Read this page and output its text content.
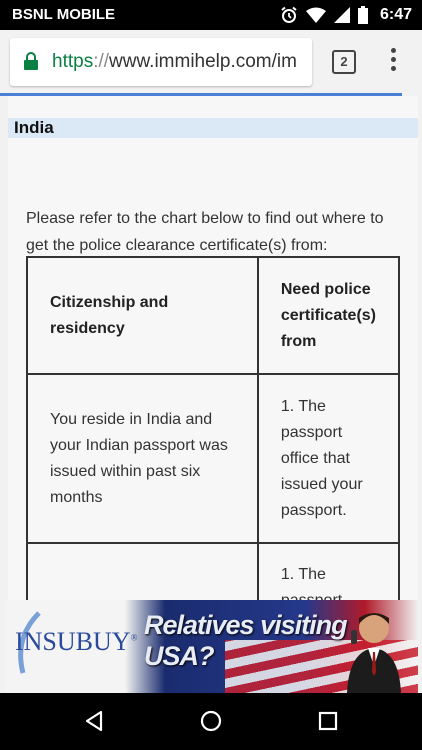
BSNL MOBILE	6:47
https://www.immihelp.com/im	2
India
Please refer to the chart below to find out where to get the police clearance certificate(s) from:
Citizenship and residency	Need police certificate(s) from
You reside in India and your Indian passport was issued within past six months	1. The passport office that issued your passport.
	1. The
INSUBUY® Relatives visiting USA?
